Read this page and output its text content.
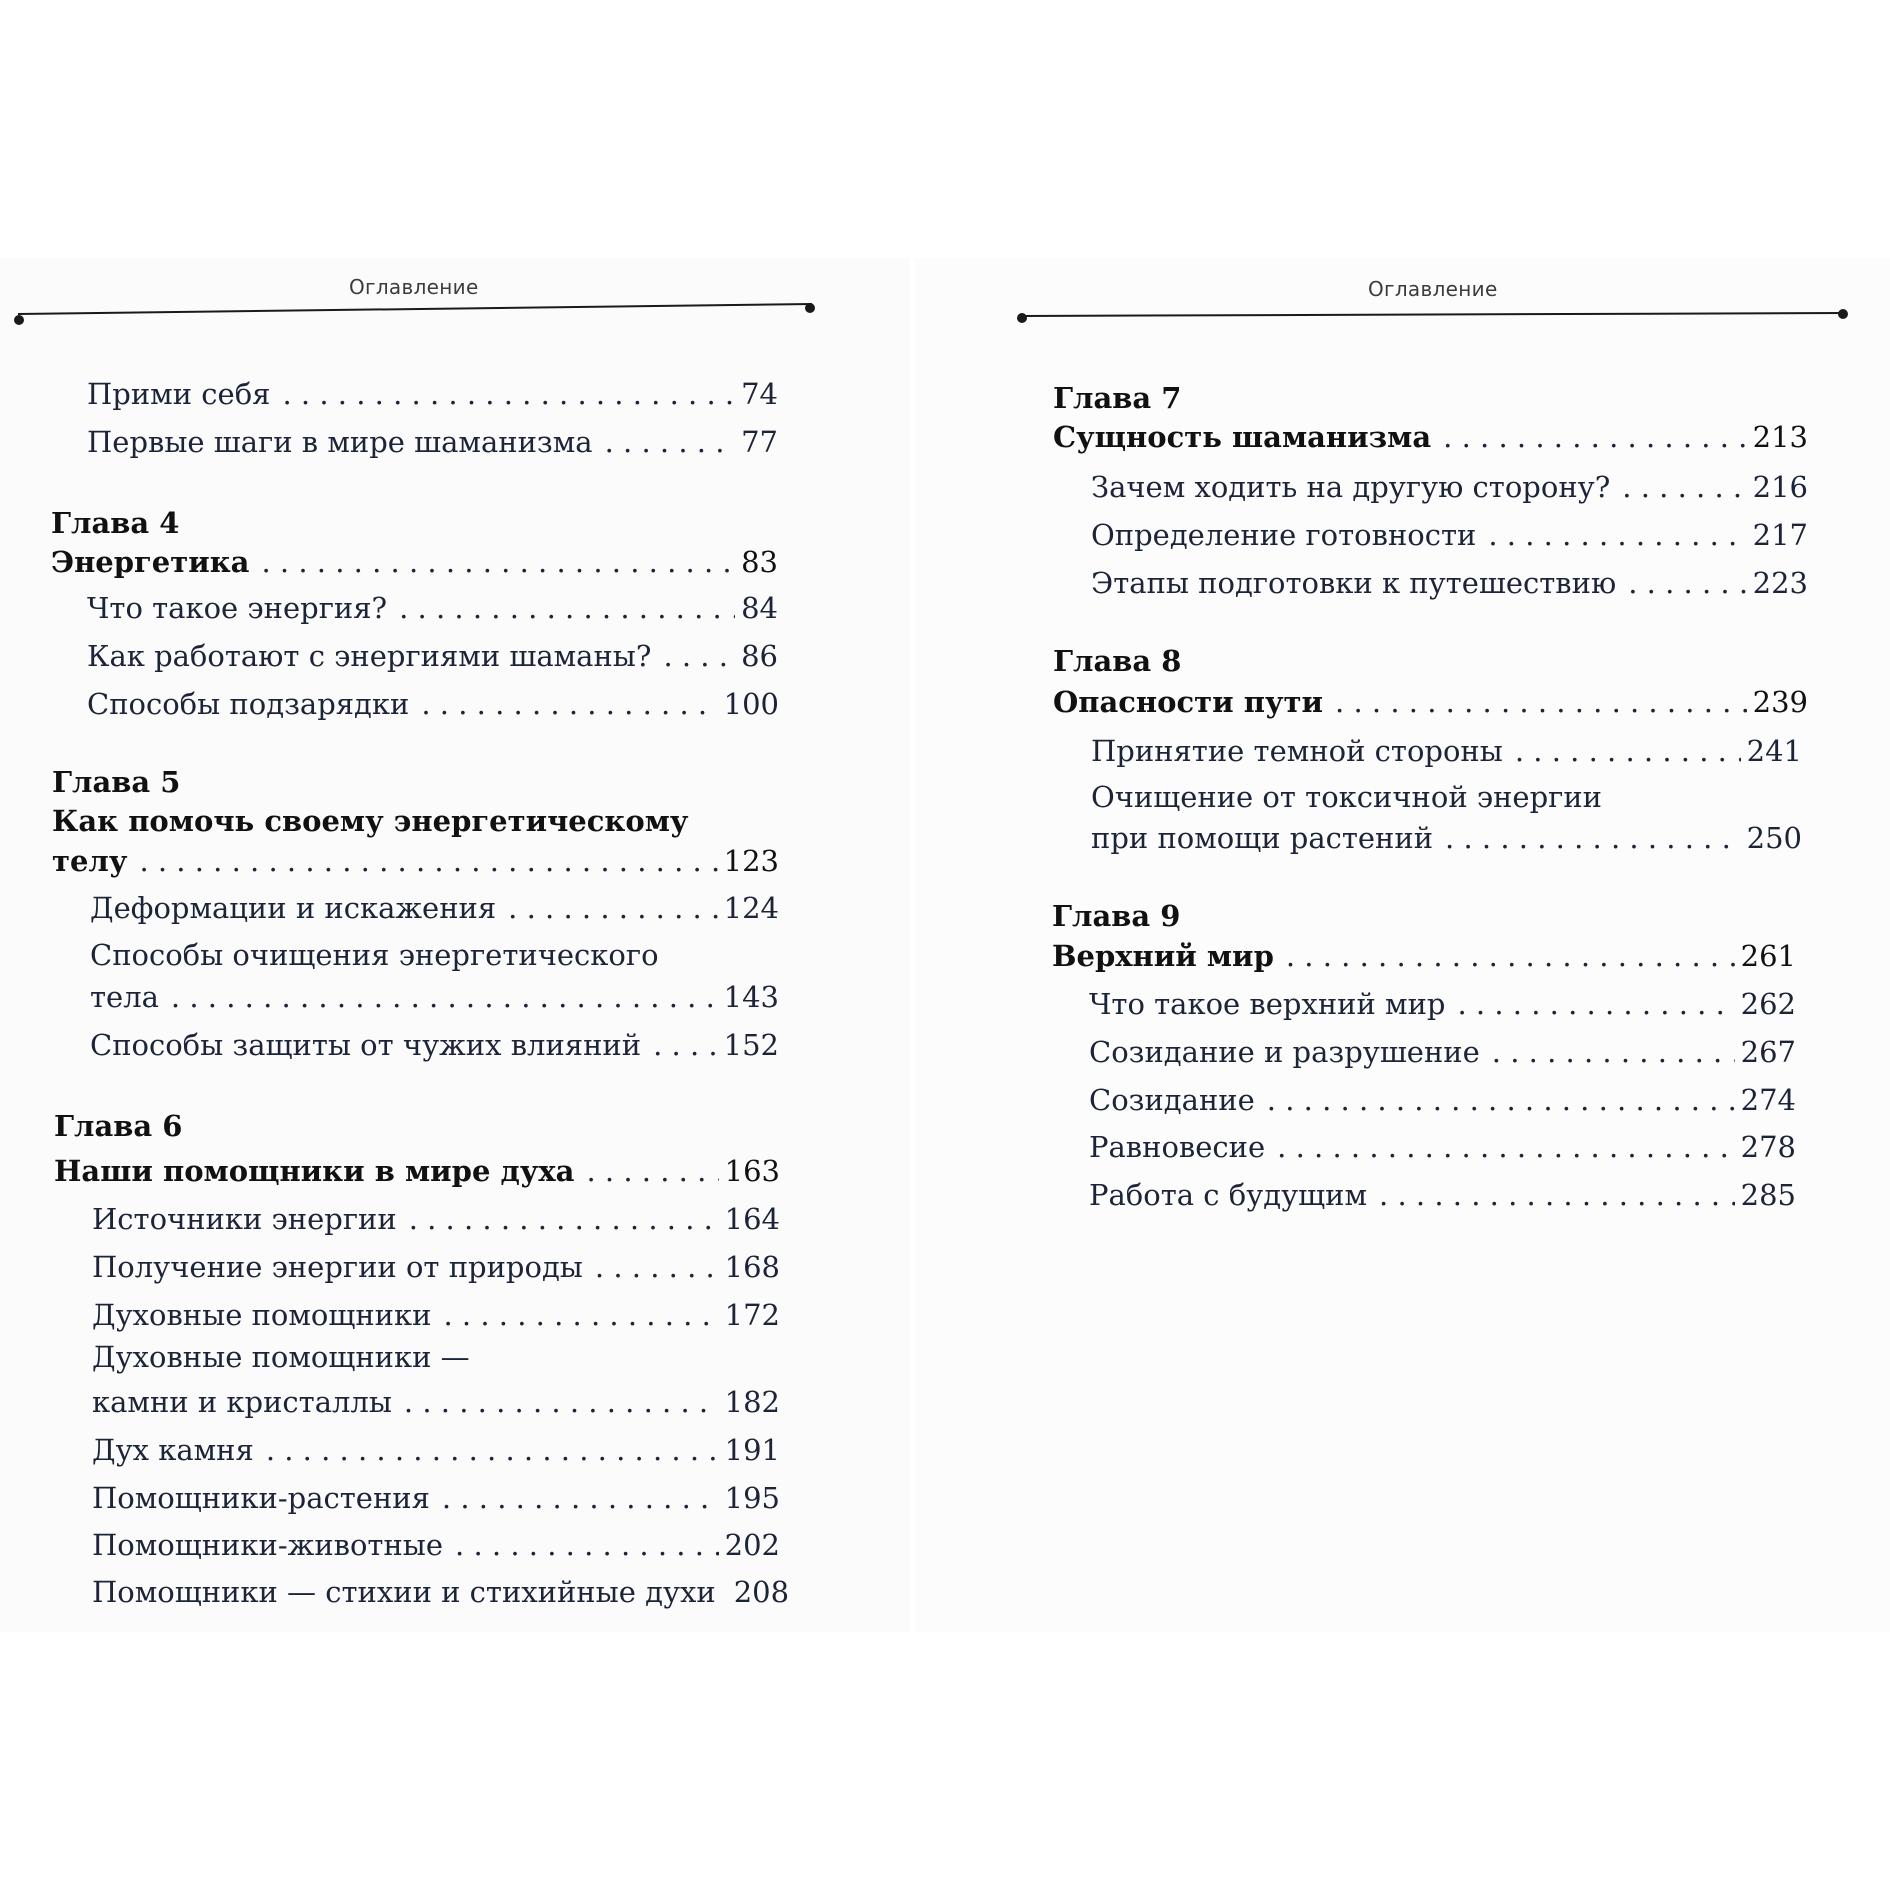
Оглавление	Оглавление
Прими себя . . .	74
Первые шаги в мире шаманизма . . .	77
Глава 4
Энергетика . . .	83
Что такое энергия? . . .	84
Как работают с энергиями шаманы? . . .	86
Способы подзарядки . . .	100
Глава 5
Как помочь своему энергетическому
телу . . .	123
Деформации и искажения . . .	124
Способы очищения энергетического
тела . . .	143
Способы защиты от чужих влияний . . .	152
Глава 6
Наши помощники в мире духа . . .	163
Источники энергии . . .	164
Получение энергии от природы . . .	168
Духовные помощники . . .	172
Духовные помощники —
камни и кристаллы . . .	182
Дух камня . . .	191
Помощники-растения . . .	195
Помощники-животные . . .	202
Помощники — стихии и стихийные духи 208
Глава 7
Сущность шаманизма . . .	213
Зачем ходить на другую сторону? . . .	216
Определение готовности . . .	217
Этапы подготовки к путешествию . . .	223
Глава 8
Опасности пути . . .	239
Принятие темной стороны . . .	241
Очищение от токсичной энергии
при помощи растений . . .	250
Глава 9
Верхний мир . . .	261
Что такое верхний мир . . .	262
Созидание и разрушение . . .	267
Созидание . . .	274
Равновесие . . .	278
Работа с будущим . . .	285
